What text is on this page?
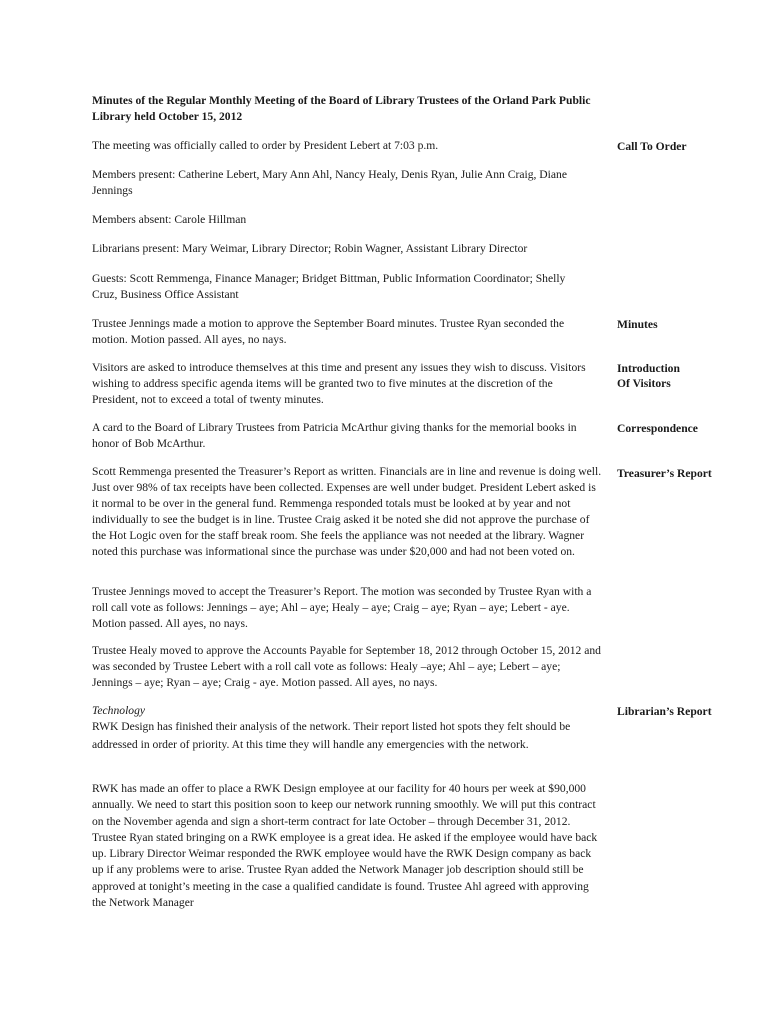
Minutes of the Regular Monthly Meeting of the Board of Library Trustees of the Orland Park Public Library held October 15, 2012
The meeting was officially called to order by President Lebert at 7:03 p.m.	Call To Order
Members present: Catherine Lebert, Mary Ann Ahl, Nancy Healy, Denis Ryan, Julie Ann Craig, Diane Jennings
Members absent: Carole Hillman
Librarians present: Mary Weimar, Library Director; Robin Wagner, Assistant Library Director
Guests: Scott Remmenga, Finance Manager; Bridget Bittman, Public Information Coordinator; Shelly Cruz, Business Office Assistant
Trustee Jennings made a motion to approve the September Board minutes. Trustee Ryan seconded the motion. Motion passed. All ayes, no nays.
Minutes
Visitors are asked to introduce themselves at this time and present any issues they wish to discuss. Visitors wishing to address specific agenda items will be granted two to five minutes at the discretion of the President, not to exceed a total of twenty minutes.
Introduction
Of Visitors
A card to the Board of Library Trustees from Patricia McArthur giving thanks for the memorial books in honor of Bob McArthur.
Correspondence
Scott Remmenga presented the Treasurer’s Report as written. Financials are in line and revenue is doing well. Just over 98% of tax receipts have been collected. Expenses are well under budget. President Lebert asked is it normal to be over in the general fund. Remmenga responded totals must be looked at by year and not individually to see the budget is in line. Trustee Craig asked it be noted she did not approve the purchase of the Hot Logic oven for the staff break room. She feels the appliance was not needed at the library. Wagner noted this purchase was informational since the purchase was under $20,000 and had not been voted on.
Treasurer’s Report
Trustee Jennings moved to accept the Treasurer’s Report. The motion was seconded by Trustee Ryan with a roll call vote as follows: Jennings – aye; Ahl – aye; Healy – aye; Craig – aye; Ryan – aye; Lebert - aye. Motion passed. All ayes, no nays.
Trustee Healy moved to approve the Accounts Payable for September 18, 2012 through October 15, 2012 and was seconded by Trustee Lebert with a roll call vote as follows: Healy –aye; Ahl – aye; Lebert – aye; Jennings – aye; Ryan – aye; Craig - aye. Motion passed. All ayes, no nays.
Technology	Librarian’s Report
RWK Design has finished their analysis of the network. Their report listed hot spots they felt should be addressed in order of priority. At this time they will handle any emergencies with the network.
RWK has made an offer to place a RWK Design employee at our facility for 40 hours per week at $90,000 annually. We need to start this position soon to keep our network running smoothly. We will put this contract on the November agenda and sign a short-term contract for late October – through December 31, 2012. Trustee Ryan stated bringing on a RWK employee is a great idea. He asked if the employee would have back up. Library Director Weimar responded the RWK employee would have the RWK Design company as back up if any problems were to arise. Trustee Ryan added the Network Manager job description should still be approved at tonight’s meeting in the case a qualified candidate is found. Trustee Ahl agreed with approving the Network Manager
